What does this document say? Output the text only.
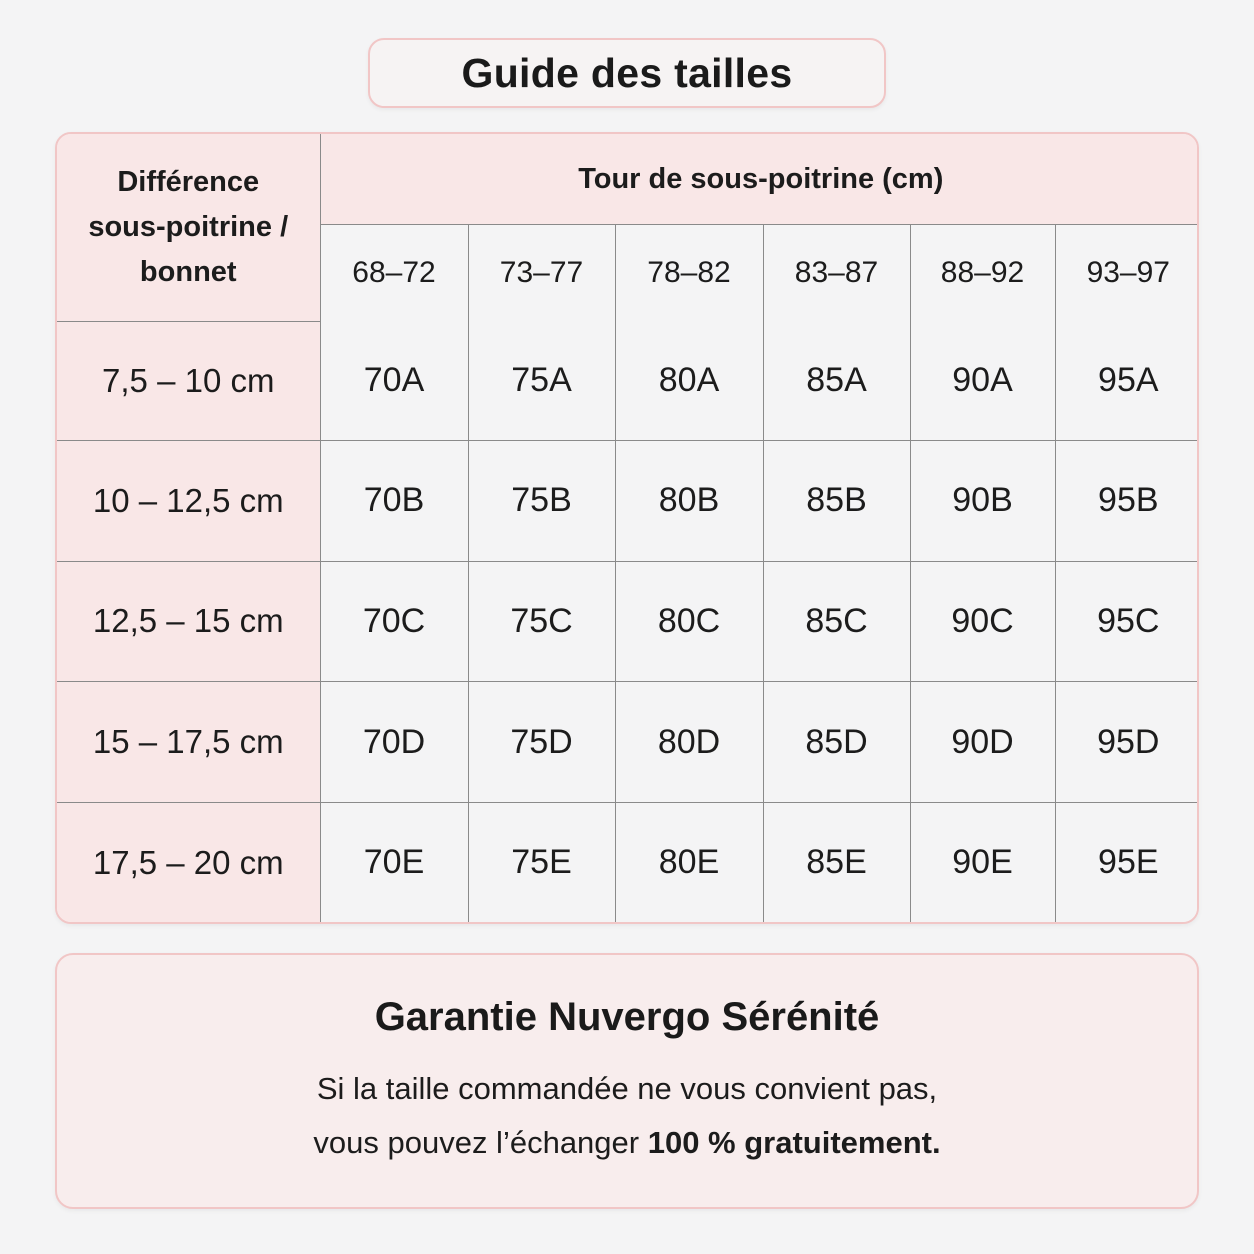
Guide des tailles
Différence
sous-poitrine /
bonnet	Tour de sous-poitrine (cm)					
	68–72	73–77	78–82	83–87	88–92	93–97
7,5 – 10 cm	70A	75A	80A	85A	90A	95A
10 – 12,5 cm	70B	75B	80B	85B	90B	95B
12,5 – 15 cm	70C	75C	80C	85C	90C	95C
15 – 17,5 cm	70D	75D	80D	85D	90D	95D
17,5 – 20 cm	70E	75E	80E	85E	90E	95E
Garantie Nuvergo Sérénité

Si la taille commandée ne vous convient pas,

vous pouvez l’échanger 100 % gratuitement.
